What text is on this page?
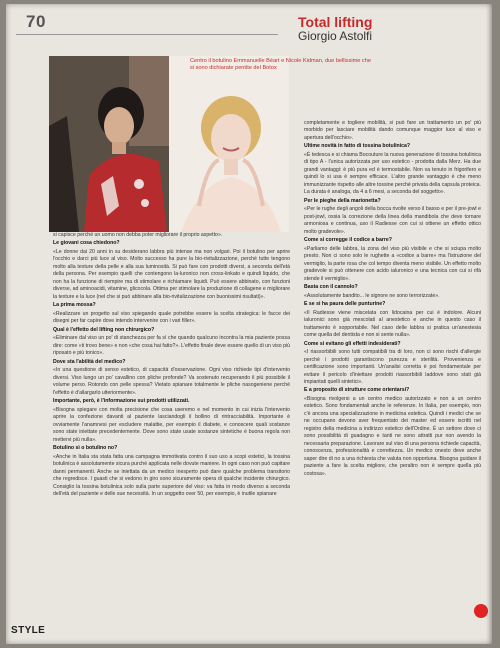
70	Total lifting
Giorgio Astolfi
Centro il botulino Emmanuelle Béart e Nicole Kidman, due bellissime che
si sono dichiarate pentite del Botox

si capisce perché un uomo non debba poter migliorare il proprio aspetto».

Le giovani cosa chiedono?

«Le donne dai 20 anni in su desiderano labbra più intense ma non volgari. Poi il botulino per aprire l'occhio e darci più luce al viso. Molto successo ha pure la bio-rivitalizzazione, perché tutte tengono molto alla texture della pelle e alla sua luminosità. Si può fare con prodotti diversi, a seconda dell'età della persona. Per esempio quelli che contengono la-luronico non cross-linkato e quindi liquido, che non ha la funzione di riempire ma di stimolare e richiamare liquidi. Può essere abbinato, con funzioni diverse, ad aminoacidi, vitamine, glicocola. Ottima per stimolare la produzione di collagene e migliorare la texture e la luce (nel che si può abbinare alla bio-rivitalizzazione con buonissimi risultati)».

La prima mossa?

«Realizzare un progetto sul viso spiegando quale potrebbe essere la scelta strategica: le facce dei disegni per far capire dove intendo intervenire con i vari filler».

Qual è l'effetto del lifting non chirurgico?

«Eliminare dal viso un po' di stanchezza per fa sì che quando qualcuno incontra la mia paziente possa dire: come «ti trovo bene» e non «che cosa hai fatto?». L'effetto finale deve essere quello di un viso più riposato e più tonico».

Dove sta l'abilità del medico?

«In una questione di senso estetico, di capacità d'osservazione. Ogni viso richiede tipi d'intervento diversi. Viso lungo un po' cavallino con pliche profonde? Va sostenuto recuperando il più possibile il volume perso. Rotondo con pelle spessa? Vietato spianare totalmente le pliche nasogeniene perché l'effetto è d'allargarlo ulteriormente».

Importante, però, è l'informazione sui prodotti utilizzati.

«Bisogna spiegare con molta precisione che cosa useremo e nel momento in cui inizia l'intervento aprire la confezione davanti al paziente lasciandogli il bollino di rintracciabilità. Importante è ovviamente l'anamnesi per escludere malattie, per esempio il diabete, e conoscere quali sostanze sono state iniettate precedentemente. Dove sono state usate sostanze sintetiche è buona regola non mettervi più nulla».

Botulino sì o botulino no?

«Anche in Italia sta stata fatta una campagna immotivata contro il suo uso a scopi estetici, la tossina botulinica è assolutamente sicura purché applicata nelle dovute maniere. In ogni caso non può capitare danni permanenti. Anche se iniettata da un medico inesperto può dare qualche problema transitorio che regredisce. I guasti che si vedono in giro sono sicuramente opera di qualche incidente chirurgico. Consiglio la tossina botulinica solo sulla parte superiore del viso: va fatta in modo diverso a seconda dell'età del paziente e delle sue necessità. In un soggetto over 50, per esempio, è inutile spianare

completamente e togliere mobilità, si può fare un trattamento un po' più morbido per lasciare mobilità dando comunque maggior luce al viso e apertura dell'occhio».

Ultime novità in fatto di tossina botulinica?

«È tedesca e si chiama Bocouture la nuova generazione di tossina botulinica di tipo A - l'unica autorizzata per uso estetico - prodotta dalla Merz. Ha due grandi vantaggi: è più pura ed è termostabile. Non va tenuto in frigorifero e quindi lo si usa è sempre efficace. L'altro grande vantaggio è che meno immunizzante rispetto alle altre tossine perché privata della capsula proteica. La durata è analoga, da 4 a 6 mesi, a seconda del soggetto».

Per le pieghe della marionetta?

«Per le rughe degli angoli della bocca rivolte verso il basso e per il pre-jowl e post-jowl, ossia la correzione della linea della mandibola che deve tornare armoniosa e continua, uso il Radiesse con cui si ottiene un effetto ottico molto gradevole».

Come si corregge il codice a barre?

«Parliamo delle labbra, la zona del viso più visibile e che si sciupa molto presto. Non ci sono solo le rughette a «codice a barre» ma l'istruzione del vermiglio, la parte rosa che col tempo diventa meno visibile. Un effetto molto gradevole si può ottenere con acido ialuronico e una tecnica con cui si rifà stende il vermiglio».

Basta con il cannolo?

«Assolutamente bandito... le signore ne sono terrorizzate».

E se si ha paura delle punturine?

«Il Radiesse viene miscelata con lidocaina per cui è indolore. Alcuni ialuronici sono già mescolati al anestetico e anche in questo caso il trattamento è sopportabile. Nel caso delle labbra si pratica un'anestesia come quella del dentista e non si sente nulla».

Come si evitano gli effetti indesiderati?

«I riassorbibili sono tutti compatibili tra di loro, non ci sono rischi d'allergie perché i prodotti garantiscono purezza e sterilità. Provenienza e certificazione sono importanti. Un'analisi corretta è poi fondamentale per evitare il pericolo d'iniettare prodotti riassorbibili laddove sono stati già impiantati quelli sintetici».

E a proposito di strutture come orientarsi?

«Bisogna rivolgersi a un centro medico autorizzato e non a un centro estetico. Sono fondamentali anche le referenze. In Italia, per esempio, non c'è ancora una specializzazione in medicina estetica. Quindi i medici che se ne occupano devono aver frequentato dei master ed essere iscritti nel registro della medicina a indirizzo estetico dell'Ordine. È un settore dove ci sono possibilità di guadagno e tanti ne sono attratti pur non avendo la necessaria preparazione. Lavorare sul viso di una persona richiede capacità, conoscenza, professionalità e correttezza. Un medico onesto deve anche saper dire di no a una richiesta che valuta non opportuna. Bisogna guidare il paziente a fare la scelta migliore, che peraltro non è sempre quella più costosa».

STYLE
